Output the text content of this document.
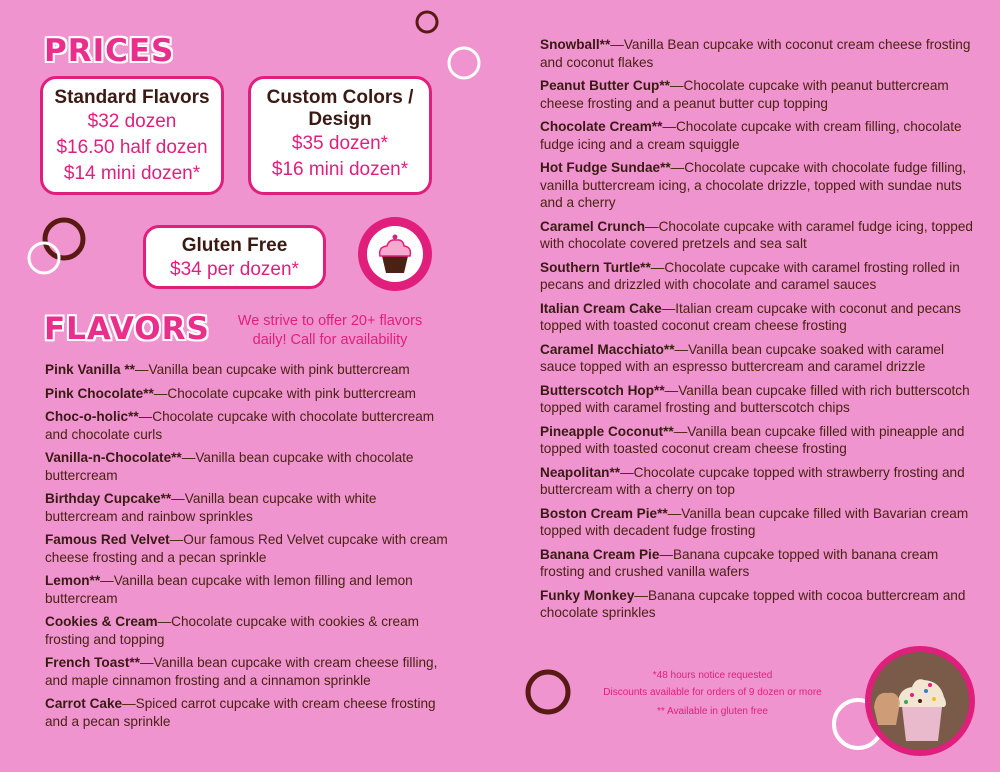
PRICES
Standard Flavors
$32 dozen
$16.50 half dozen
$14 mini dozen*
Custom Colors /
Design
$35 dozen*
$16 mini dozen*
Gluten Free
$34 per dozen*
FLAVORS	We strive to offer 20+ flavors
daily! Call for availability
Pink Vanilla **—Vanilla bean cupcake with pink buttercream
Pink Chocolate**—Chocolate cupcake with pink buttercream
Choc-o-holic**—Chocolate cupcake with chocolate buttercream and chocolate curls
Vanilla-n-Chocolate**—Vanilla bean cupcake with chocolate buttercream
Birthday Cupcake**—Vanilla bean cupcake with white buttercream and rainbow sprinkles
Famous Red Velvet—Our famous Red Velvet cupcake with cream cheese frosting and a pecan sprinkle
Lemon**—Vanilla bean cupcake with lemon filling and lemon buttercream
Cookies & Cream—Chocolate cupcake with cookies & cream frosting and topping
French Toast**—Vanilla bean cupcake with cream cheese filling, and maple cinnamon frosting and a cinnamon sprinkle
Carrot Cake—Spiced carrot cupcake with cream cheese frosting and a pecan sprinkle
Snowball**—Vanilla Bean cupcake with coconut cream cheese frosting and coconut flakes
Peanut Butter Cup**—Chocolate cupcake with peanut buttercream cheese frosting and a peanut butter cup topping
Chocolate Cream**—Chocolate cupcake with cream filling, chocolate fudge icing and a cream squiggle
Hot Fudge Sundae**—Chocolate cupcake with chocolate fudge filling, vanilla buttercream icing, a chocolate drizzle, topped with sundae nuts and a cherry
Caramel Crunch—Chocolate cupcake with caramel fudge icing, topped with chocolate covered pretzels and sea salt
Southern Turtle**—Chocolate cupcake with caramel frosting rolled in pecans and drizzled with chocolate and caramel sauces
Italian Cream Cake—Italian cream cupcake with coconut and pecans topped with toasted coconut cream cheese frosting
Caramel Macchiato**—Vanilla bean cupcake soaked with caramel sauce topped with an espresso buttercream and caramel drizzle
Butterscotch Hop**—Vanilla bean cupcake filled with rich butterscotch topped with caramel frosting and butterscotch chips
Pineapple Coconut**—Vanilla bean cupcake filled with pineapple and topped with toasted coconut cream cheese frosting
Neapolitan**—Chocolate cupcake topped with strawberry frosting and buttercream with a cherry on top
Boston Cream Pie**—Vanilla bean cupcake filled with Bavarian cream topped with decadent fudge frosting
Banana Cream Pie—Banana cupcake topped with banana cream frosting and crushed vanilla wafers
Funky Monkey—Banana cupcake topped with cocoa buttercream and chocolate sprinkles
*48 hours notice requested
Discounts available for orders of 9 dozen or more
** Available in gluten free
